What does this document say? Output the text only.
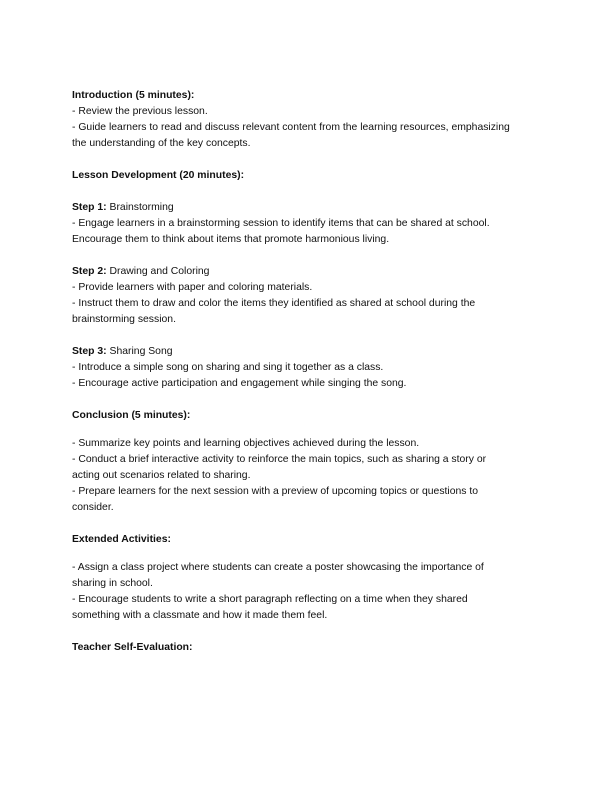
Introduction (5 minutes):
- Review the previous lesson.
- Guide learners to read and discuss relevant content from the learning resources, emphasizing
the understanding of the key concepts.
Lesson Development (20 minutes):
Step 1: Brainstorming
- Engage learners in a brainstorming session to identify items that can be shared at school.
Encourage them to think about items that promote harmonious living.
Step 2: Drawing and Coloring
- Provide learners with paper and coloring materials.
- Instruct them to draw and color the items they identified as shared at school during the
brainstorming session.
Step 3: Sharing Song
- Introduce a simple song on sharing and sing it together as a class.
- Encourage active participation and engagement while singing the song.
Conclusion (5 minutes):
- Summarize key points and learning objectives achieved during the lesson.
- Conduct a brief interactive activity to reinforce the main topics, such as sharing a story or
acting out scenarios related to sharing.
- Prepare learners for the next session with a preview of upcoming topics or questions to
consider.
Extended Activities:
- Assign a class project where students can create a poster showcasing the importance of
sharing in school.
- Encourage students to write a short paragraph reflecting on a time when they shared
something with a classmate and how it made them feel.
Teacher Self-Evaluation:
